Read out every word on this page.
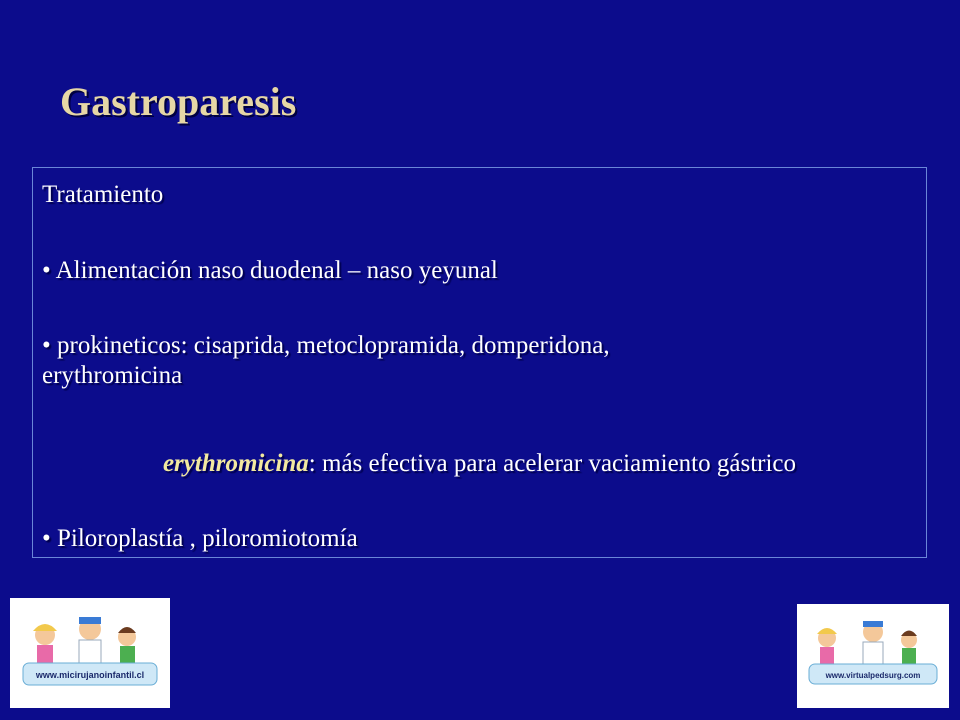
Gastroparesis
Tratamiento
• Alimentación naso duodenal – naso yeyunal
• prokineticos: cisaprida, metoclopramida, domperidona,
erythromicina
erythromicina: más efectiva para acelerar vaciamiento gástrico
• Piloroplastía , piloromiotomía
www.micirujanoinfantil.cl	www.virtualpedsurg.com
